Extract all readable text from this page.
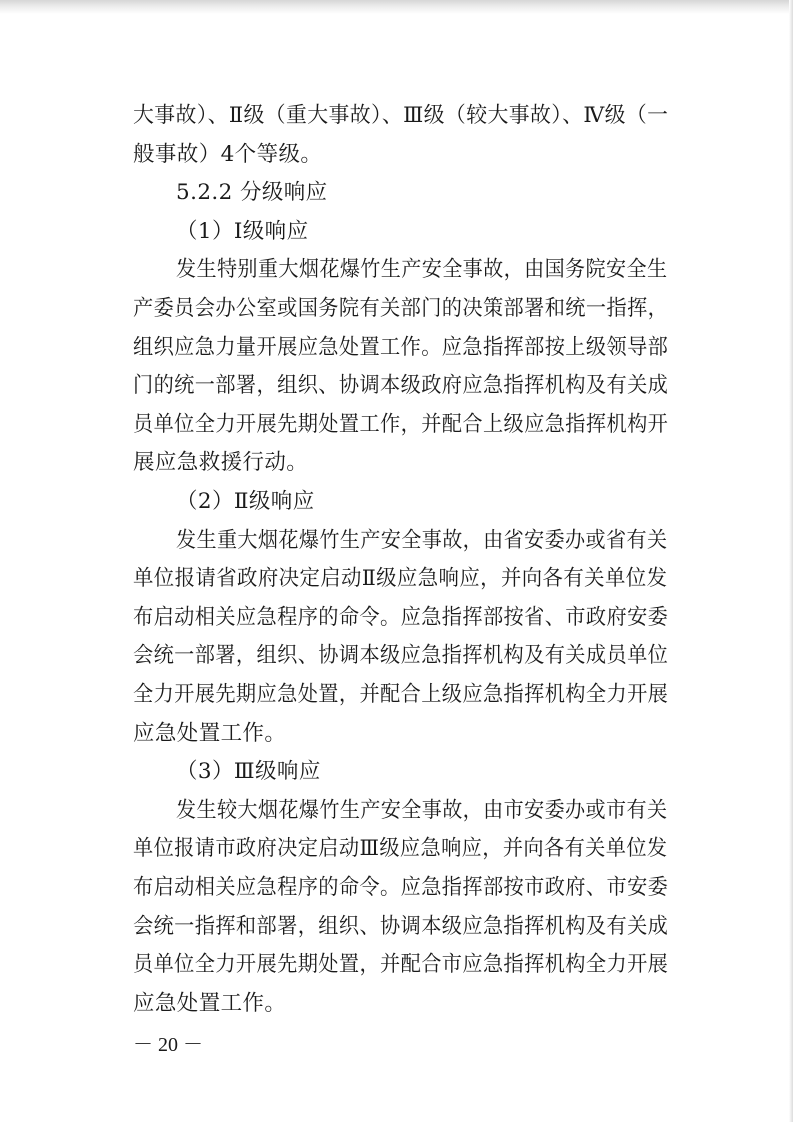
大事故）、Ⅱ级（重大事故）、Ⅲ级（较大事故）、Ⅳ级（一
般事故）4个等级。
5.2.2 分级响应
（1）Ⅰ级响应
发生特别重大烟花爆竹生产安全事故，由国务院安全生
产委员会办公室或国务院有关部门的决策部署和统一指挥，
组织应急力量开展应急处置工作。应急指挥部按上级领导部
门的统一部署，组织、协调本级政府应急指挥机构及有关成
员单位全力开展先期处置工作，并配合上级应急指挥机构开
展应急救援行动。
（2）Ⅱ级响应
发生重大烟花爆竹生产安全事故，由省安委办或省有关
单位报请省政府决定启动Ⅱ级应急响应，并向各有关单位发
布启动相关应急程序的命令。应急指挥部按省、市政府安委
会统一部署，组织、协调本级应急指挥机构及有关成员单位
全力开展先期应急处置，并配合上级应急指挥机构全力开展
应急处置工作。
（3）Ⅲ级响应
发生较大烟花爆竹生产安全事故，由市安委办或市有关
单位报请市政府决定启动Ⅲ级应急响应，并向各有关单位发
布启动相关应急程序的命令。应急指挥部按市政府、市安委
会统一指挥和部署，组织、协调本级应急指挥机构及有关成
员单位全力开展先期处置，并配合市应急指挥机构全力开展
应急处置工作。
－ 20 －
